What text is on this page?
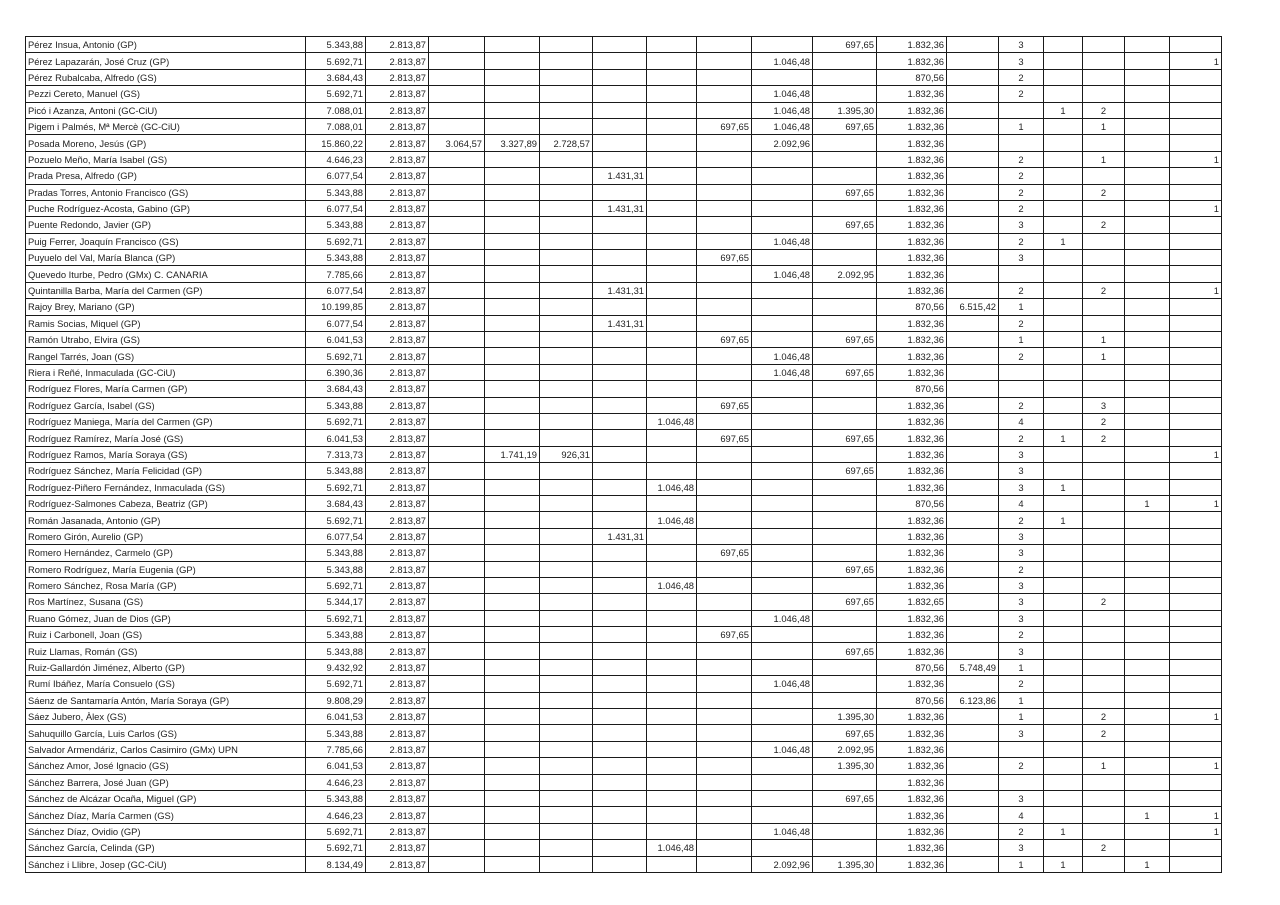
Pérez Insua, Antonio (GP)	5.343,88	2.813,87								697,65	1.832,36		3				
Pérez Lapazarán, José Cruz (GP)	5.692,71	2.813,87							1.046,48		1.832,36		3				1
Pérez Rubalcaba, Alfredo (GS)	3.684,43	2.813,87									870,56		2				
Pezzi Cereto, Manuel (GS)	5.692,71	2.813,87							1.046,48		1.832,36		2				
Picó i Azanza, Antoni (GC-CiU)	7.088,01	2.813,87							1.046,48	1.395,30	1.832,36			1	2		
Pigem i Palmés, Mª Mercè (GC-CiU)	7.088,01	2.813,87						697,65	1.046,48	697,65	1.832,36		1		1		
Posada Moreno, Jesús (GP)	15.860,22	2.813,87	3.064,57	3.327,89	2.728,57				2.092,96		1.832,36						
Pozuelo Meño, María Isabel (GS)	4.646,23	2.813,87									1.832,36		2		1		1
Prada Presa, Alfredo (GP)	6.077,54	2.813,87				1.431,31					1.832,36		2				
Pradas Torres, Antonio Francisco (GS)	5.343,88	2.813,87								697,65	1.832,36		2		2		
Puche Rodríguez-Acosta, Gabino (GP)	6.077,54	2.813,87				1.431,31					1.832,36		2				1
Puente Redondo, Javier (GP)	5.343,88	2.813,87								697,65	1.832,36		3		2		
Puig Ferrer, Joaquín Francisco (GS)	5.692,71	2.813,87							1.046,48		1.832,36		2	1			
Puyuelo del Val, María Blanca (GP)	5.343,88	2.813,87						697,65			1.832,36		3				
Quevedo Iturbe, Pedro (GMx) C. CANARIA	7.785,66	2.813,87							1.046,48	2.092,95	1.832,36						
Quintanilla Barba, María del Carmen (GP)	6.077,54	2.813,87				1.431,31					1.832,36		2		2		1
Rajoy Brey, Mariano (GP)	10.199,85	2.813,87									870,56	6.515,42	1				
Ramis Socias, Miquel (GP)	6.077,54	2.813,87				1.431,31					1.832,36		2				
Ramón Utrabo, Elvira (GS)	6.041,53	2.813,87						697,65		697,65	1.832,36		1		1		
Rangel Tarrés, Joan (GS)	5.692,71	2.813,87							1.046,48		1.832,36		2		1		
Riera i Reñé, Inmaculada (GC-CiU)	6.390,36	2.813,87							1.046,48	697,65	1.832,36						
Rodríguez Flores, María Carmen (GP)	3.684,43	2.813,87									870,56						
Rodríguez García, Isabel (GS)	5.343,88	2.813,87						697,65			1.832,36		2		3		
Rodríguez Maniega, María del Carmen (GP)	5.692,71	2.813,87					1.046,48				1.832,36		4		2		
Rodríguez Ramírez, María José (GS)	6.041,53	2.813,87						697,65		697,65	1.832,36		2	1	2		
Rodríguez Ramos, María Soraya (GS)	7.313,73	2.813,87		1.741,19	926,31						1.832,36		3				1
Rodríguez Sánchez, María Felicidad (GP)	5.343,88	2.813,87								697,65	1.832,36		3				
Rodríguez-Piñero Fernández, Inmaculada (GS)	5.692,71	2.813,87					1.046,48				1.832,36		3	1			
Rodríguez-Salmones Cabeza, Beatriz (GP)	3.684,43	2.813,87									870,56		4			1	1
Román Jasanada, Antonio (GP)	5.692,71	2.813,87					1.046,48				1.832,36		2	1			
Romero Girón, Aurelio (GP)	6.077,54	2.813,87				1.431,31					1.832,36		3				
Romero Hernández, Carmelo (GP)	5.343,88	2.813,87						697,65			1.832,36		3				
Romero Rodríguez, María Eugenia (GP)	5.343,88	2.813,87								697,65	1.832,36		2				
Romero Sánchez, Rosa María (GP)	5.692,71	2.813,87					1.046,48				1.832,36		3				
Ros Martínez, Susana (GS)	5.344,17	2.813,87								697,65	1.832,65		3		2		
Ruano Gómez, Juan de Dios (GP)	5.692,71	2.813,87							1.046,48		1.832,36		3				
Ruiz i Carbonell, Joan (GS)	5.343,88	2.813,87						697,65			1.832,36		2				
Ruiz Llamas, Román (GS)	5.343,88	2.813,87								697,65	1.832,36		3				
Ruiz-Gallardón Jiménez, Alberto (GP)	9.432,92	2.813,87									870,56	5.748,49	1				
Rumí Ibáñez, María Consuelo (GS)	5.692,71	2.813,87							1.046,48		1.832,36		2				
Sáenz de Santamaría Antón, María Soraya (GP)	9.808,29	2.813,87									870,56	6.123,86	1				
Sáez Jubero, Àlex (GS)	6.041,53	2.813,87								1.395,30	1.832,36		1		2		1
Sahuquillo García, Luis Carlos (GS)	5.343,88	2.813,87								697,65	1.832,36		3		2		
Salvador Armendáriz, Carlos Casimiro (GMx) UPN	7.785,66	2.813,87							1.046,48	2.092,95	1.832,36						
Sánchez Amor, José Ignacio (GS)	6.041,53	2.813,87								1.395,30	1.832,36		2		1		1
Sánchez Barrera, José Juan (GP)	4.646,23	2.813,87									1.832,36						
Sánchez de Alcázar Ocaña, Miguel (GP)	5.343,88	2.813,87								697,65	1.832,36		3				
Sánchez Díaz, María Carmen (GS)	4.646,23	2.813,87									1.832,36		4			1	1
Sánchez Díaz, Ovidio (GP)	5.692,71	2.813,87							1.046,48		1.832,36		2	1			1
Sánchez García, Celinda (GP)	5.692,71	2.813,87					1.046,48				1.832,36		3		2		
Sánchez i Llibre, Josep (GC-CiU)	8.134,49	2.813,87							2.092,96	1.395,30	1.832,36		1	1		1	
